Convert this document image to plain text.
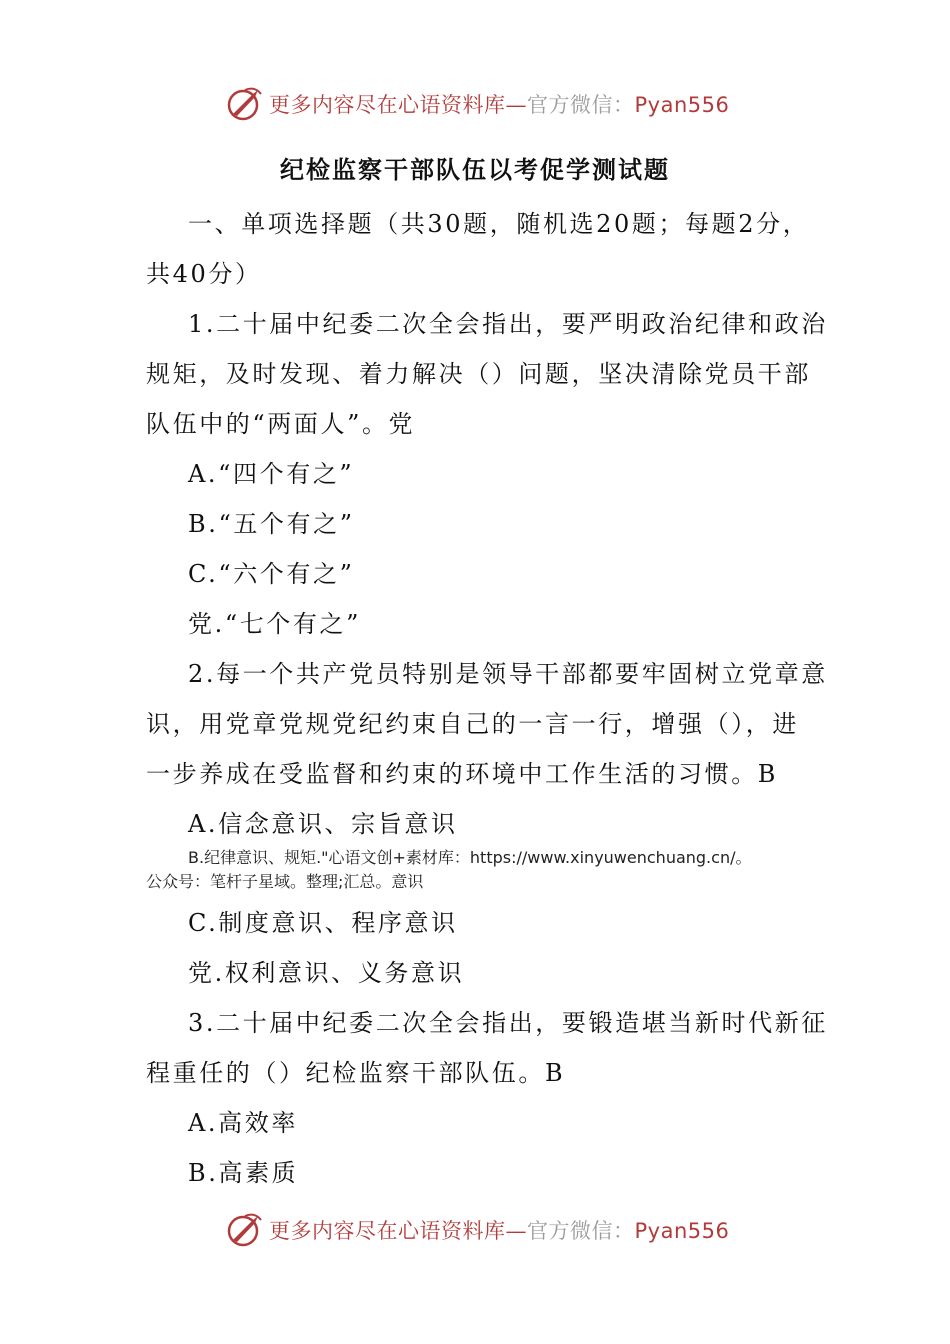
更多内容尽在心语资料库—官方微信：Pyan556
纪检监察干部队伍以考促学测试题
一、单项选择题（共30题，随机选20题；每题2分，
共40分）
1.二十届中纪委二次全会指出，要严明政治纪律和政治
规矩，及时发现、着力解决（）问题，坚决清除党员干部
队伍中的“两面人”。党
A.“四个有之”
B.“五个有之”
C.“六个有之”
党.“七个有之”
2.每一个共产党员特别是领导干部都要牢固树立党章意
识，用党章党规党纪约束自己的一言一行，增强（），进
一步养成在受监督和约束的环境中工作生活的习惯。B
A.信念意识、宗旨意识
B.纪律意识、规矩."心语文创+素材库：https://www.xinyuwenchuang.cn/。
公众号：笔杆子星域。整理;汇总。意识
C.制度意识、程序意识
党.权利意识、义务意识
3.二十届中纪委二次全会指出，要锻造堪当新时代新征
程重任的（）纪检监察干部队伍。B
A.高效率
B.高素质
更多内容尽在心语资料库—官方微信：Pyan556
